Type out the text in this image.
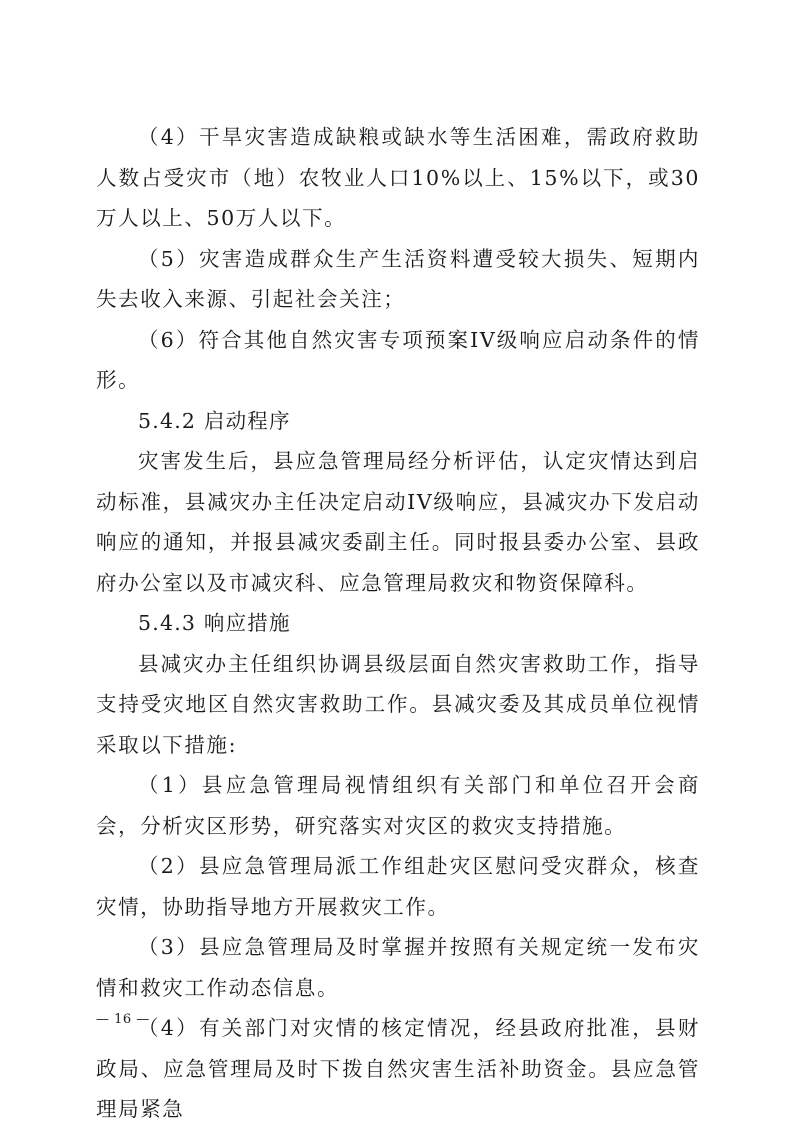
（4）干旱灾害造成缺粮或缺水等生活困难，需政府救助人数占受灾市（地）农牧业人口10%以上、15%以下，或30万人以上、50万人以下。

（5）灾害造成群众生产生活资料遭受较大损失、短期内失去收入来源、引起社会关注；

（6）符合其他自然灾害专项预案IV级响应启动条件的情形。

5.4.2 启动程序

灾害发生后，县应急管理局经分析评估，认定灾情达到启动标准，县减灾办主任决定启动IV级响应，县减灾办下发启动响应的通知，并报县减灾委副主任。同时报县委办公室、县政府办公室以及市减灾科、应急管理局救灾和物资保障科。

5.4.3 响应措施

县减灾办主任组织协调县级层面自然灾害救助工作，指导支持受灾地区自然灾害救助工作。县减灾委及其成员单位视情采取以下措施:

（1）县应急管理局视情组织有关部门和单位召开会商会，分析灾区形势，研究落实对灾区的救灾支持措施。

（2）县应急管理局派工作组赴灾区慰问受灾群众，核查灾情，协助指导地方开展救灾工作。

（3）县应急管理局及时掌握并按照有关规定统一发布灾情和救灾工作动态信息。

（4）有关部门对灾情的核定情况，经县政府批准，县财政局、应急管理局及时下拨自然灾害生活补助资金。县应急管理局紧急

— 16 —
